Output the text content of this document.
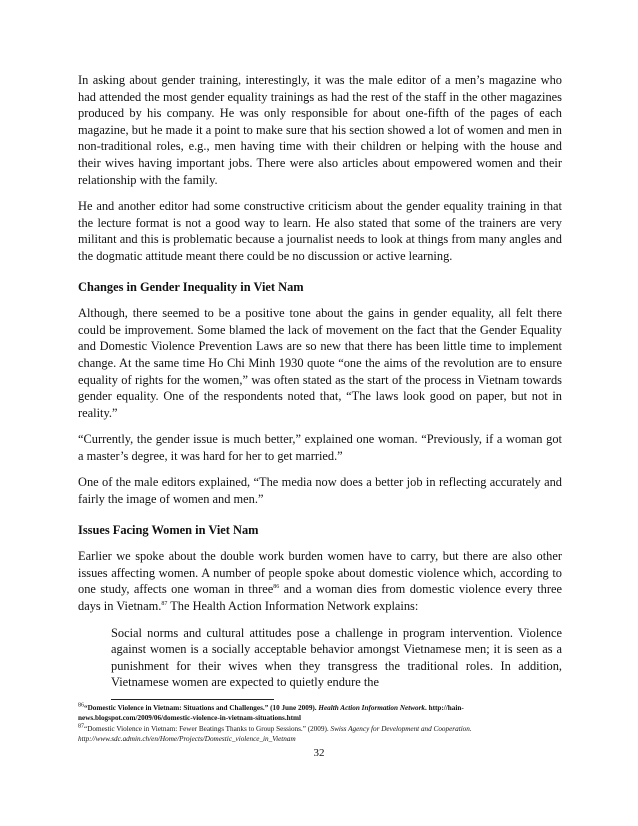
In asking about gender training, interestingly, it was the male editor of a men’s magazine who had attended the most gender equality trainings as had the rest of the staff in the other magazines produced by his company. He was only responsible for about one-fifth of the pages of each magazine, but he made it a point to make sure that his section showed a lot of women and men in non-traditional roles, e.g., men having time with their children or helping with the house and their wives having important jobs. There were also articles about empowered women and their relationship with the family.

He and another editor had some constructive criticism about the gender equality training in that the lecture format is not a good way to learn. He also stated that some of the trainers are very militant and this is problematic because a journalist needs to look at things from many angles and the dogmatic attitude meant there could be no discussion or active learning.

Changes in Gender Inequality in Viet Nam

Although, there seemed to be a positive tone about the gains in gender equality, all felt there could be improvement. Some blamed the lack of movement on the fact that the Gender Equality and Domestic Violence Prevention Laws are so new that there has been little time to implement change. At the same time Ho Chi Minh 1930 quote “one the aims of the revolution are to ensure equality of rights for the women,” was often stated as the start of the process in Vietnam towards gender equality. One of the respondents noted that, “The laws look good on paper, but not in reality.”

“Currently, the gender issue is much better,” explained one woman. “Previously, if a woman got a master’s degree, it was hard for her to get married.”

One of the male editors explained, “The media now does a better job in reflecting accurately and fairly the image of women and men.”

Issues Facing Women in Viet Nam

Earlier we spoke about the double work burden women have to carry, but there are also other issues affecting women. A number of people spoke about domestic violence which, according to one study, affects one woman in three$^{86}$ and a woman dies from domestic violence every three days in Vietnam.$^{87}$ The Health Action Information Network explains:

Social norms and cultural attitudes pose a challenge in program intervention. Violence against women is a socially acceptable behavior amongst Vietnamese men; it is seen as a punishment for their wives when they transgress the traditional roles. In addition, Vietnamese women are expected to quietly endure the

$^{86}$“Domestic Violence in Vietnam: Situations and Challenges.” (10 June 2009). Health Action Information Network. http://hain-news.blogspot.com/2009/06/domestic-violence-in-vietnam-situations.html

$^{87}$“Domestic Violence in Vietnam: Fewer Beatings Thanks to Group Sessions.” (2009). Swiss Agency for Development and Cooperation.
http://www.sdc.admin.ch/en/Home/Projects/Domestic_violence_in_Vietnam

32
